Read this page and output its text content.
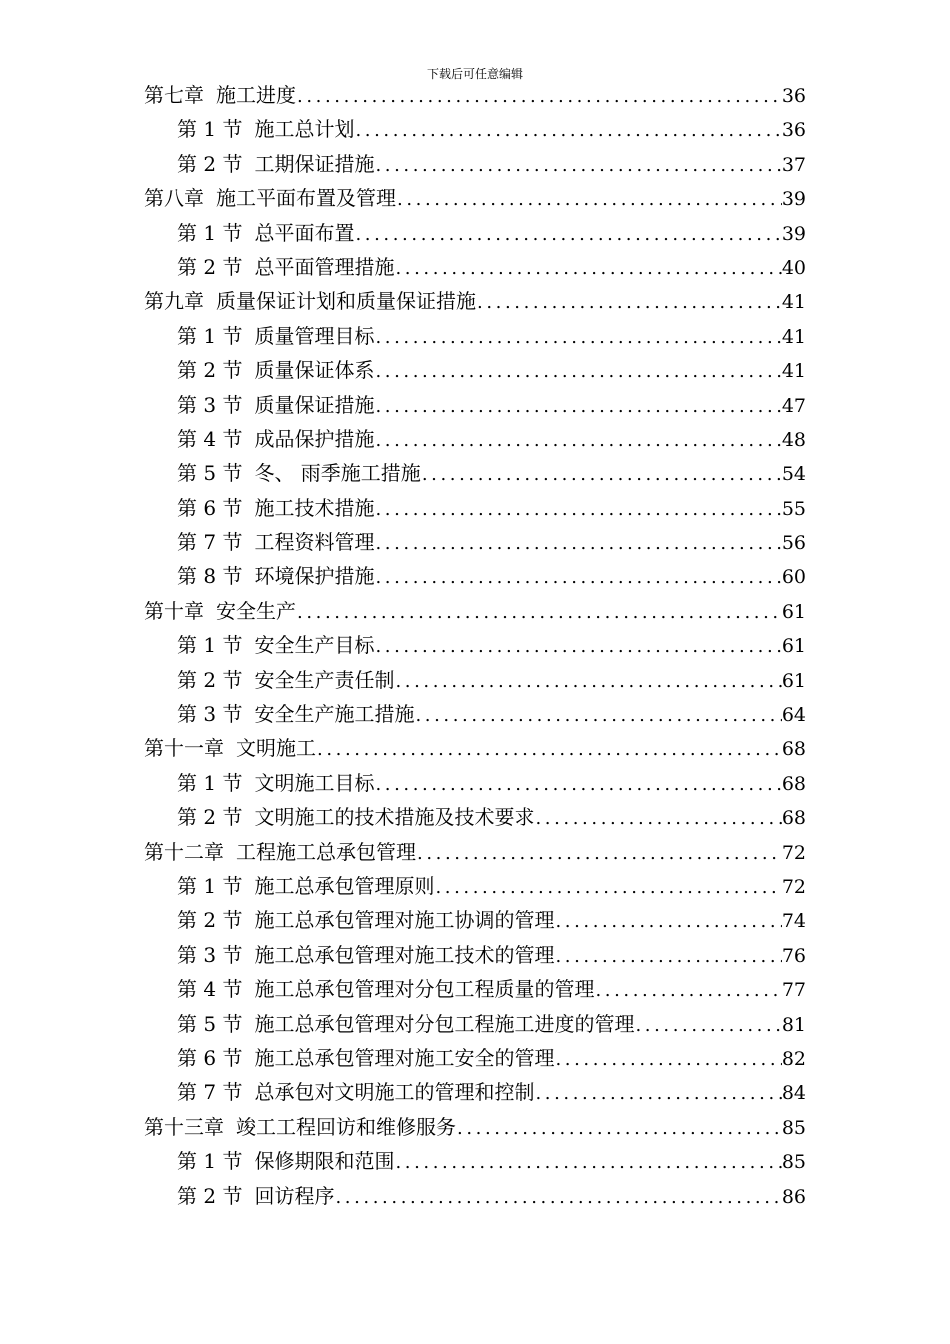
下载后可任意编辑
第七章 施工进度 .....	36
第 1 节 施工总计划 .....	36
第 2 节 工期保证措施 .....	37
第八章 施工平面布置及管理 .....	39
第 1 节 总平面布置 .....	39
第 2 节 总平面管理措施 .....	40
第九章 质量保证计划和质量保证措施 .....	41
第 1 节 质量管理目标 .....	41
第 2 节 质量保证体系 .....	41
第 3 节 质量保证措施 .....	47
第 4 节 成品保护措施 .....	48
第 5 节 冬、 雨季施工措施 .....	54
第 6 节 施工技术措施 .....	55
第 7 节 工程资料管理 .....	56
第 8 节 环境保护措施 .....	60
第十章 安全生产 .....	61
第 1 节 安全生产目标 .....	61
第 2 节 安全生产责任制 .....	61
第 3 节 安全生产施工措施 .....	64
第十一章 文明施工 .....	68
第 1 节 文明施工目标 .....	68
第 2 节 文明施工的技术措施及技术要求 .....	68
第十二章 工程施工总承包管理 .....	72
第 1 节 施工总承包管理原则 .....	72
第 2 节 施工总承包管理对施工协调的管理 .....	74
第 3 节 施工总承包管理对施工技术的管理 .....	76
第 4 节 施工总承包管理对分包工程质量的管理 .....	77
第 5 节 施工总承包管理对分包工程施工进度的管理 .....	81
第 6 节 施工总承包管理对施工安全的管理 .....	82
第 7 节 总承包对文明施工的管理和控制 .....	84
第十三章 竣工工程回访和维修服务 .....	85
第 1 节 保修期限和范围 .....	85
第 2 节 回访程序 .....	86
